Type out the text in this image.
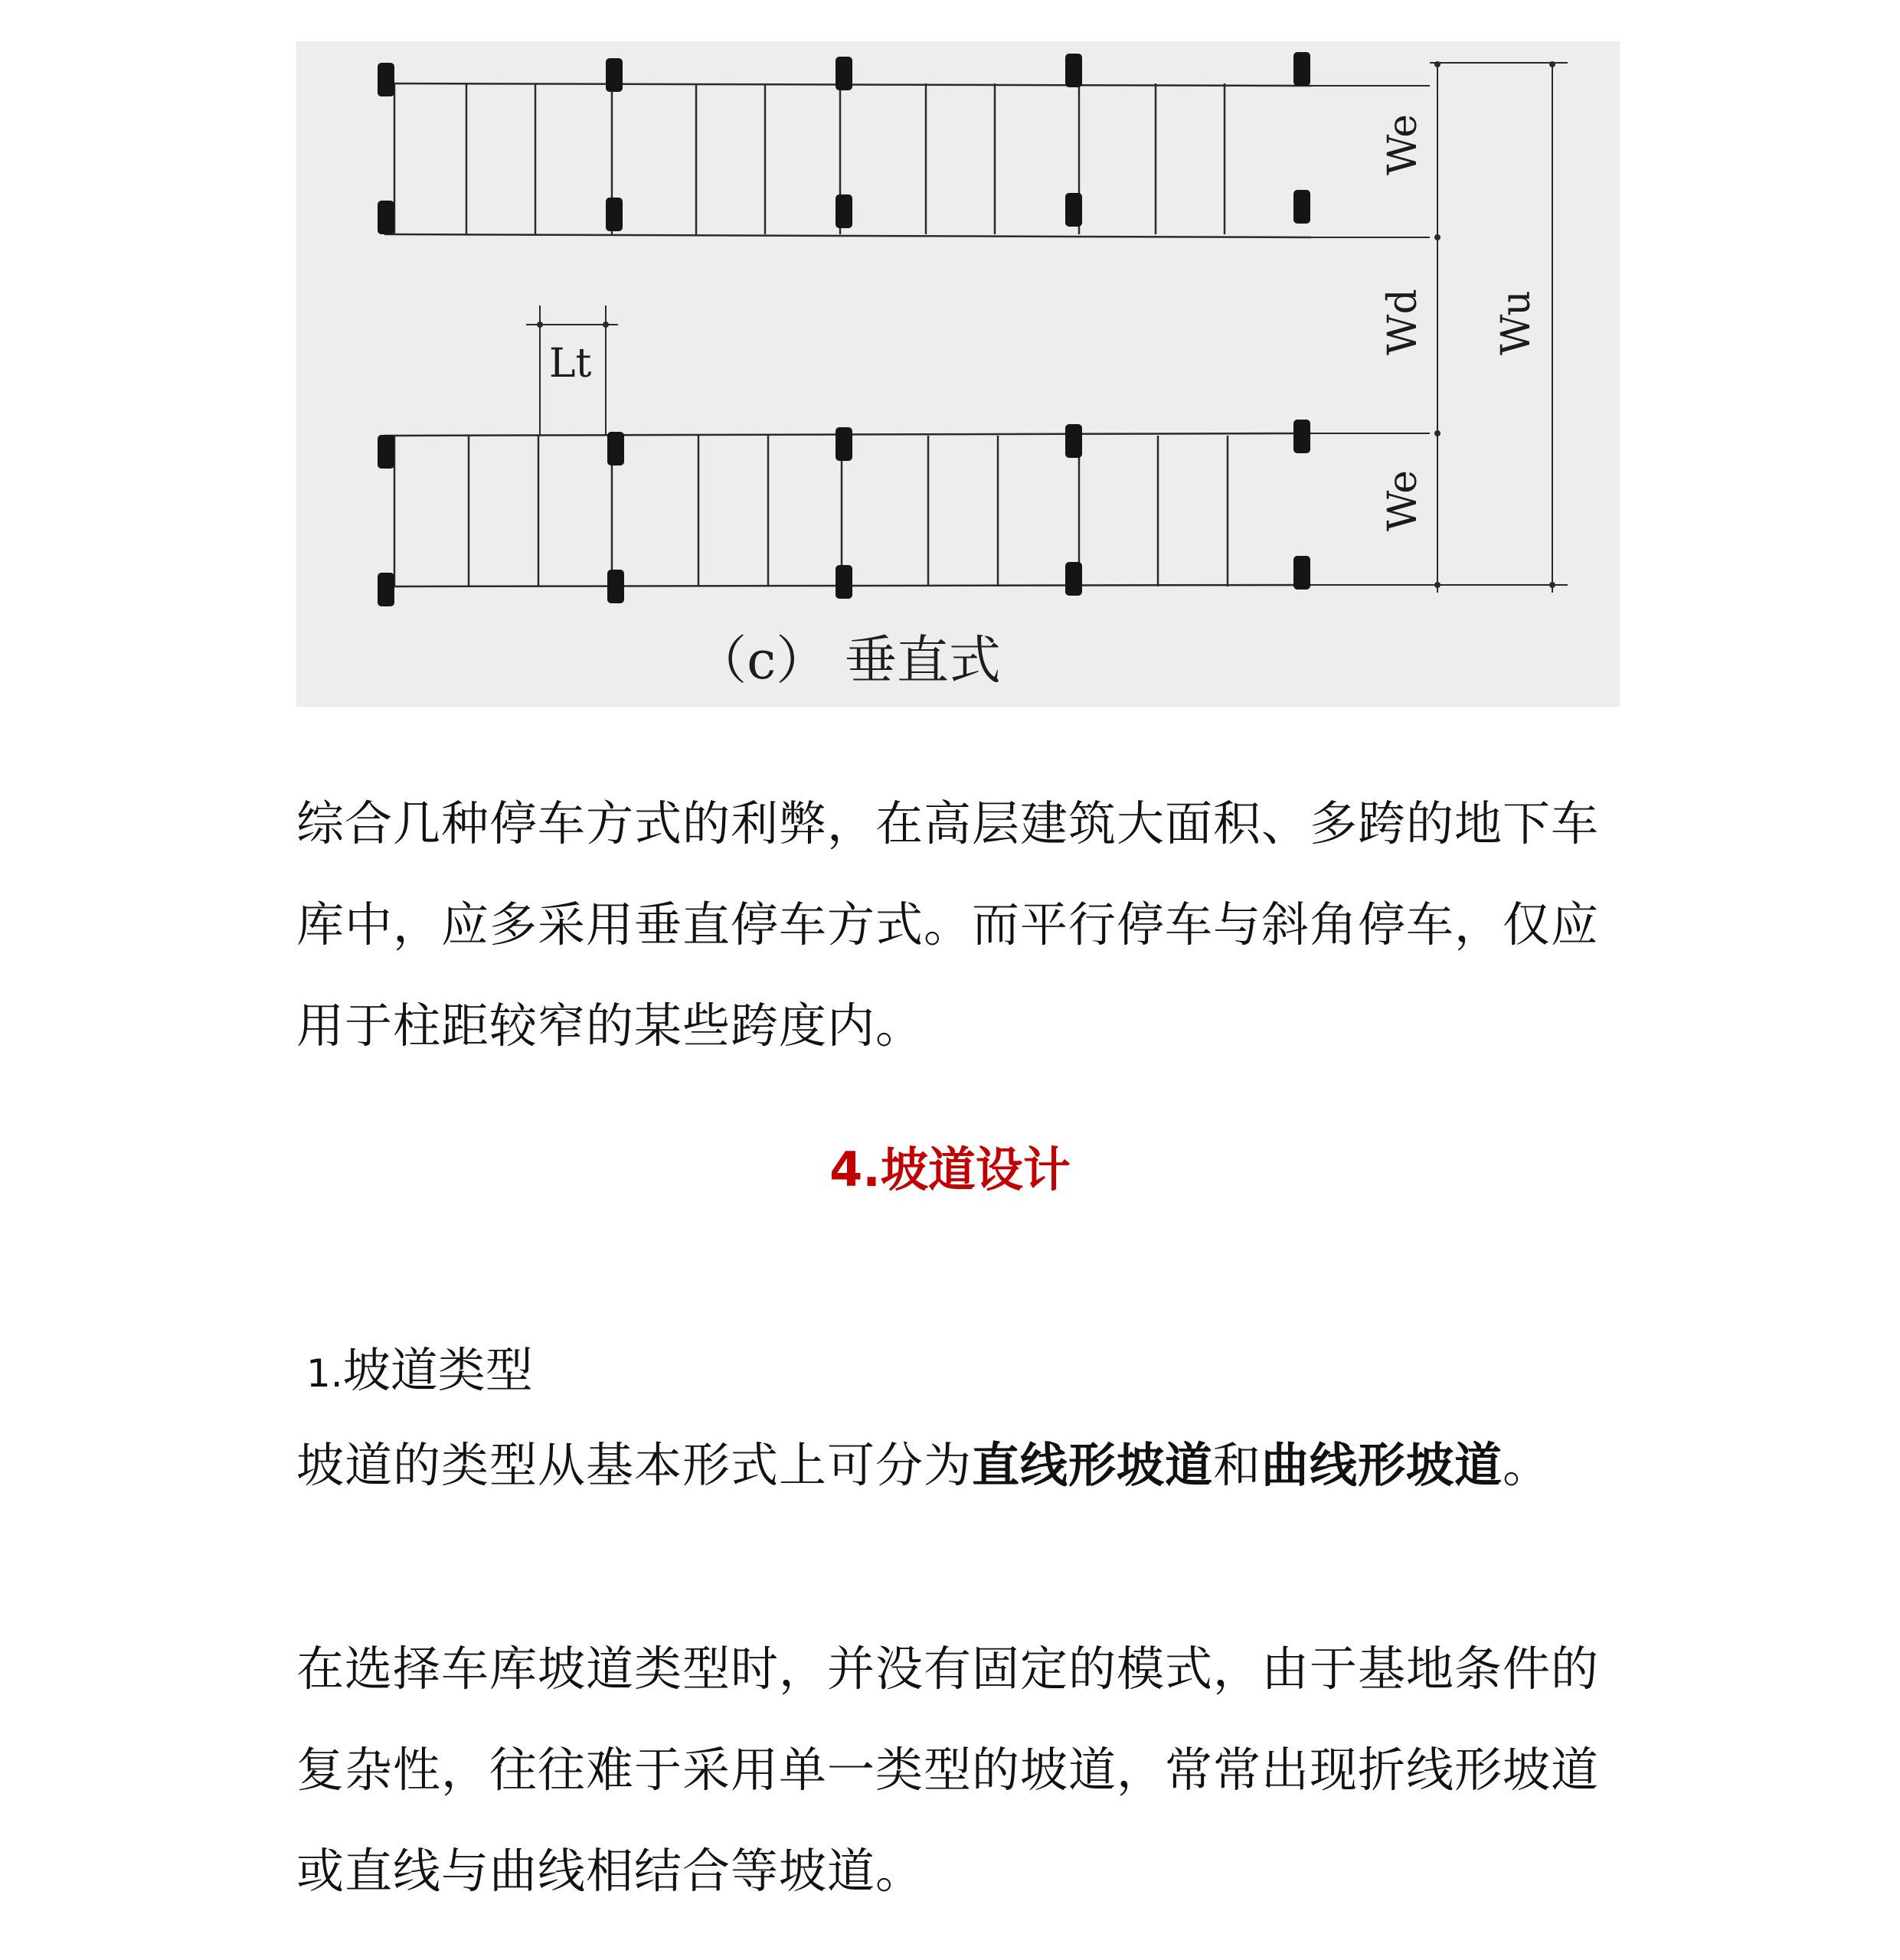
We
Wd Wu
We
Lt
（c） 垂直式

综合几种停车方式的利弊，在高层建筑大面积、多跨的地下车库中，应多采用垂直停车方式。而平行停车与斜角停车，仅应用于柱距较窄的某些跨度内。

4.坡道设计

1.坡道类型

坡道的类型从基本形式上可分为直线形坡道和曲线形坡道。

在选择车库坡道类型时，并没有固定的模式，由于基地条件的复杂性，往往难于采用单一类型的坡道，常常出现折线形坡道或直线与曲线相结合等坡道。
